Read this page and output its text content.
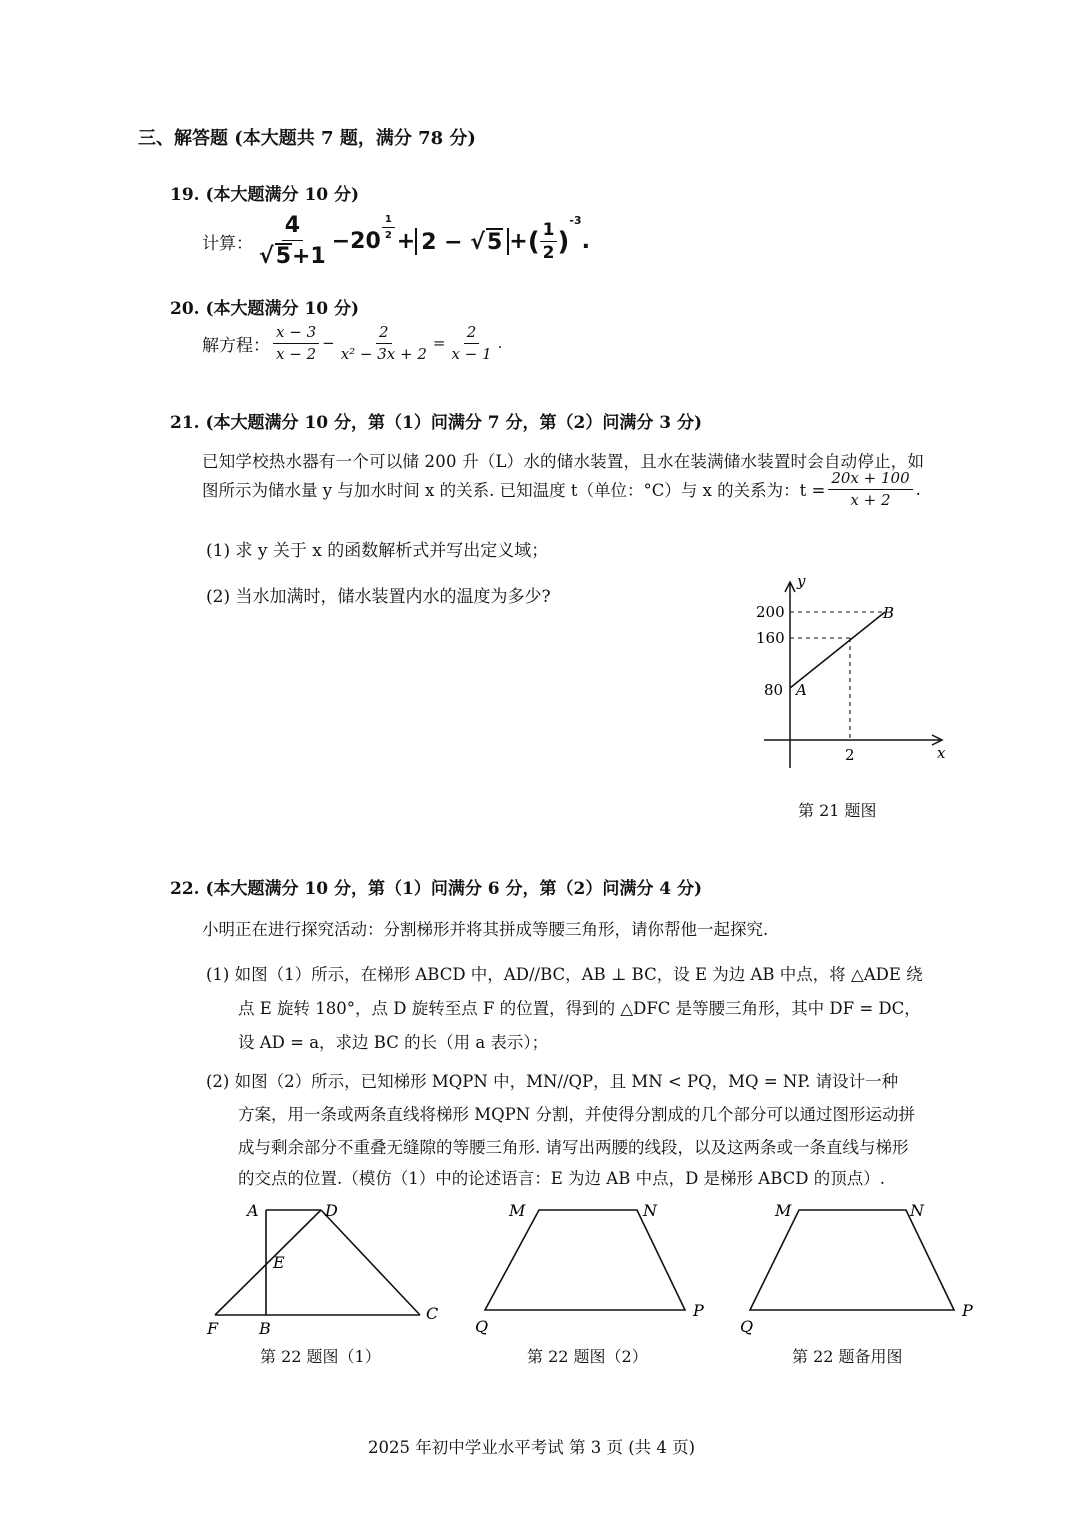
三、解答题 (本大题共 7 题，满分 78 分)
19. (本大题满分 10 分)
计算： $\frac{4}{√5+1} -20$
$\frac{1}{2}$
+ 2 − √5 + ( $\frac{1}{2}$ )
-3
.
20. (本大题满分 10 分)
解方程： $\frac{x - 3}{x - 2} - \frac{2}{\text{x² − 3x + 2}} = \frac{2}{x - 1}$ .
21. (本大题满分 10 分，第（1）问满分 7 分，第（2）问满分 3 分)
已知学校热水器有一个可以储 200 升（L）水的储水装置，且水在装满储水装置时会自动停止，如
图所示为储水量 y 与加水时间 x 的关系. 已知温度 t（单位：°C）与 x 的关系为：$t = \frac{20x + 100}{x + 2}$ .
(1) 求 y 关于 x 的函数解析式并写出定义域；
(2) 当水加满时，储水装置内水的温度为多少?
200
160
80
2
y
x
A
B
第 21 题图
22. (本大题满分 10 分，第（1）问满分 6 分，第（2）问满分 4 分)
小明正在进行探究活动：分割梯形并将其拼成等腰三角形，请你帮他一起探究.
(1) 如图（1）所示，在梯形 ABCD 中，AD//BC，AB ⊥ BC，设 E 为边 AB 中点，将 △ADE 绕
点 E 旋转 180°，点 D 旋转至点 F 的位置，得到的 △DFC 是等腰三角形，其中 DF = DC，
设 AD = a，求边 BC 的长（用 a 表示）；
(2) 如图（2）所示，已知梯形 MQPN 中，MN//QP，且 MN < PQ，MQ = NP. 请设计一种
方案，用一条或两条直线将梯形 MQPN 分割，并使得分割成的几个部分可以通过图形运动拼
成与剩余部分不重叠无缝隙的等腰三角形. 请写出两腰的线段，以及这两条或一条直线与梯形
的交点的位置.（模仿（1）中的论述语言：E 为边 AB 中点，D 是梯形 ABCD 的顶点）.
A	D
E
F	B
C
第 22 题图（1）
M	N
Q
P
第 22 题图（2）
M	N
Q
P
第 22 题备用图
2025 年初中学业水平考试 第 3 页 (共 4 页)
